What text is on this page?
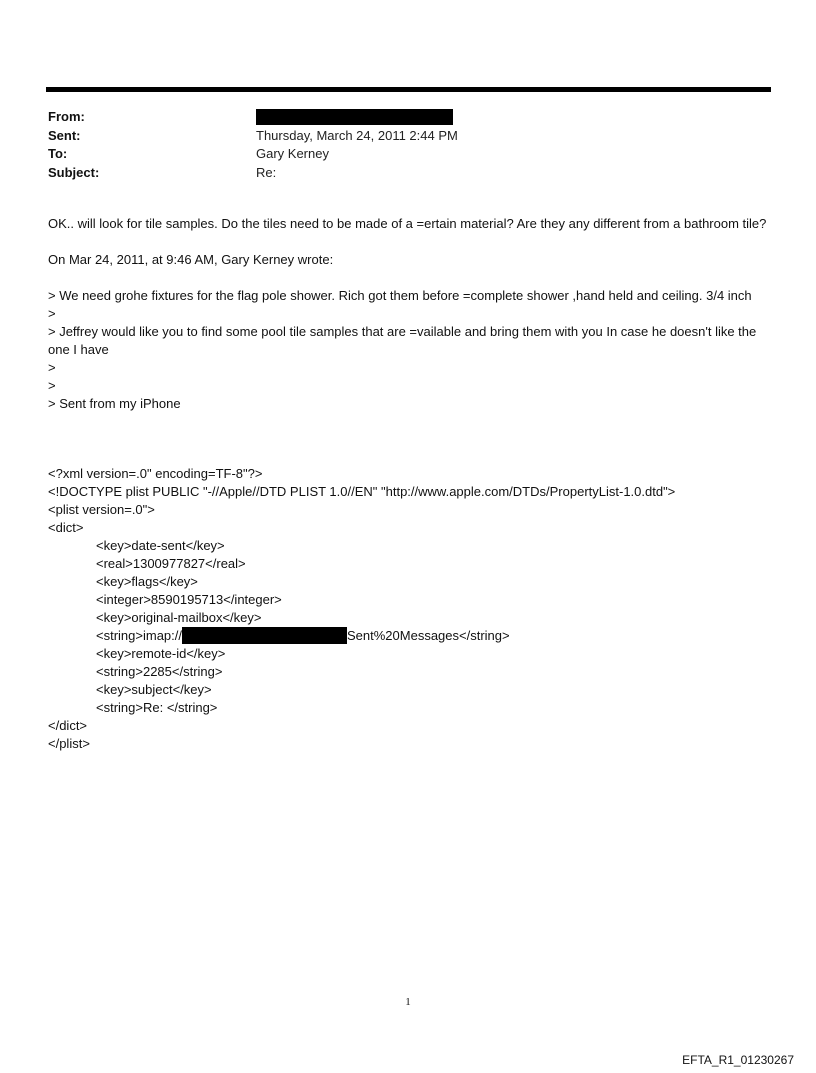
From:
Sent:	Thursday, March 24, 2011 2:44 PM
To:	Gary Kerney
Subject:	Re:

OK.. will look for tile samples. Do the tiles need to be made of a =ertain material? Are they any different from a bathroom tile?

On Mar 24, 2011, at 9:46 AM, Gary Kerney wrote:

> We need grohe fixtures for the flag pole shower. Rich got them before =complete shower ,hand held and ceiling. 3/4 inch
>
> Jeffrey would like you to find some pool tile samples that are =vailable and bring them with you In case he doesn't like the one I have
>
>
> Sent from my iPhone
<?xml version=.0" encoding=TF-8"?>
<!DOCTYPE plist PUBLIC "-//Apple//DTD PLIST 1.0//EN" "http://www.apple.com/DTDs/PropertyList-1.0.dtd">
<plist version=.0">
<dict>
<key>date-sent</key>
<real>1300977827</real>
<key>flags</key>
<integer>8590195713</integer>
<key>original-mailbox</key>
<string>imap://	Sent%20Messages</string>
<key>remote-id</key>
<string>2285</string>
<key>subject</key>
<string>Re: </string>
</dict>
</plist>
1
EFTA_R1_01230267
